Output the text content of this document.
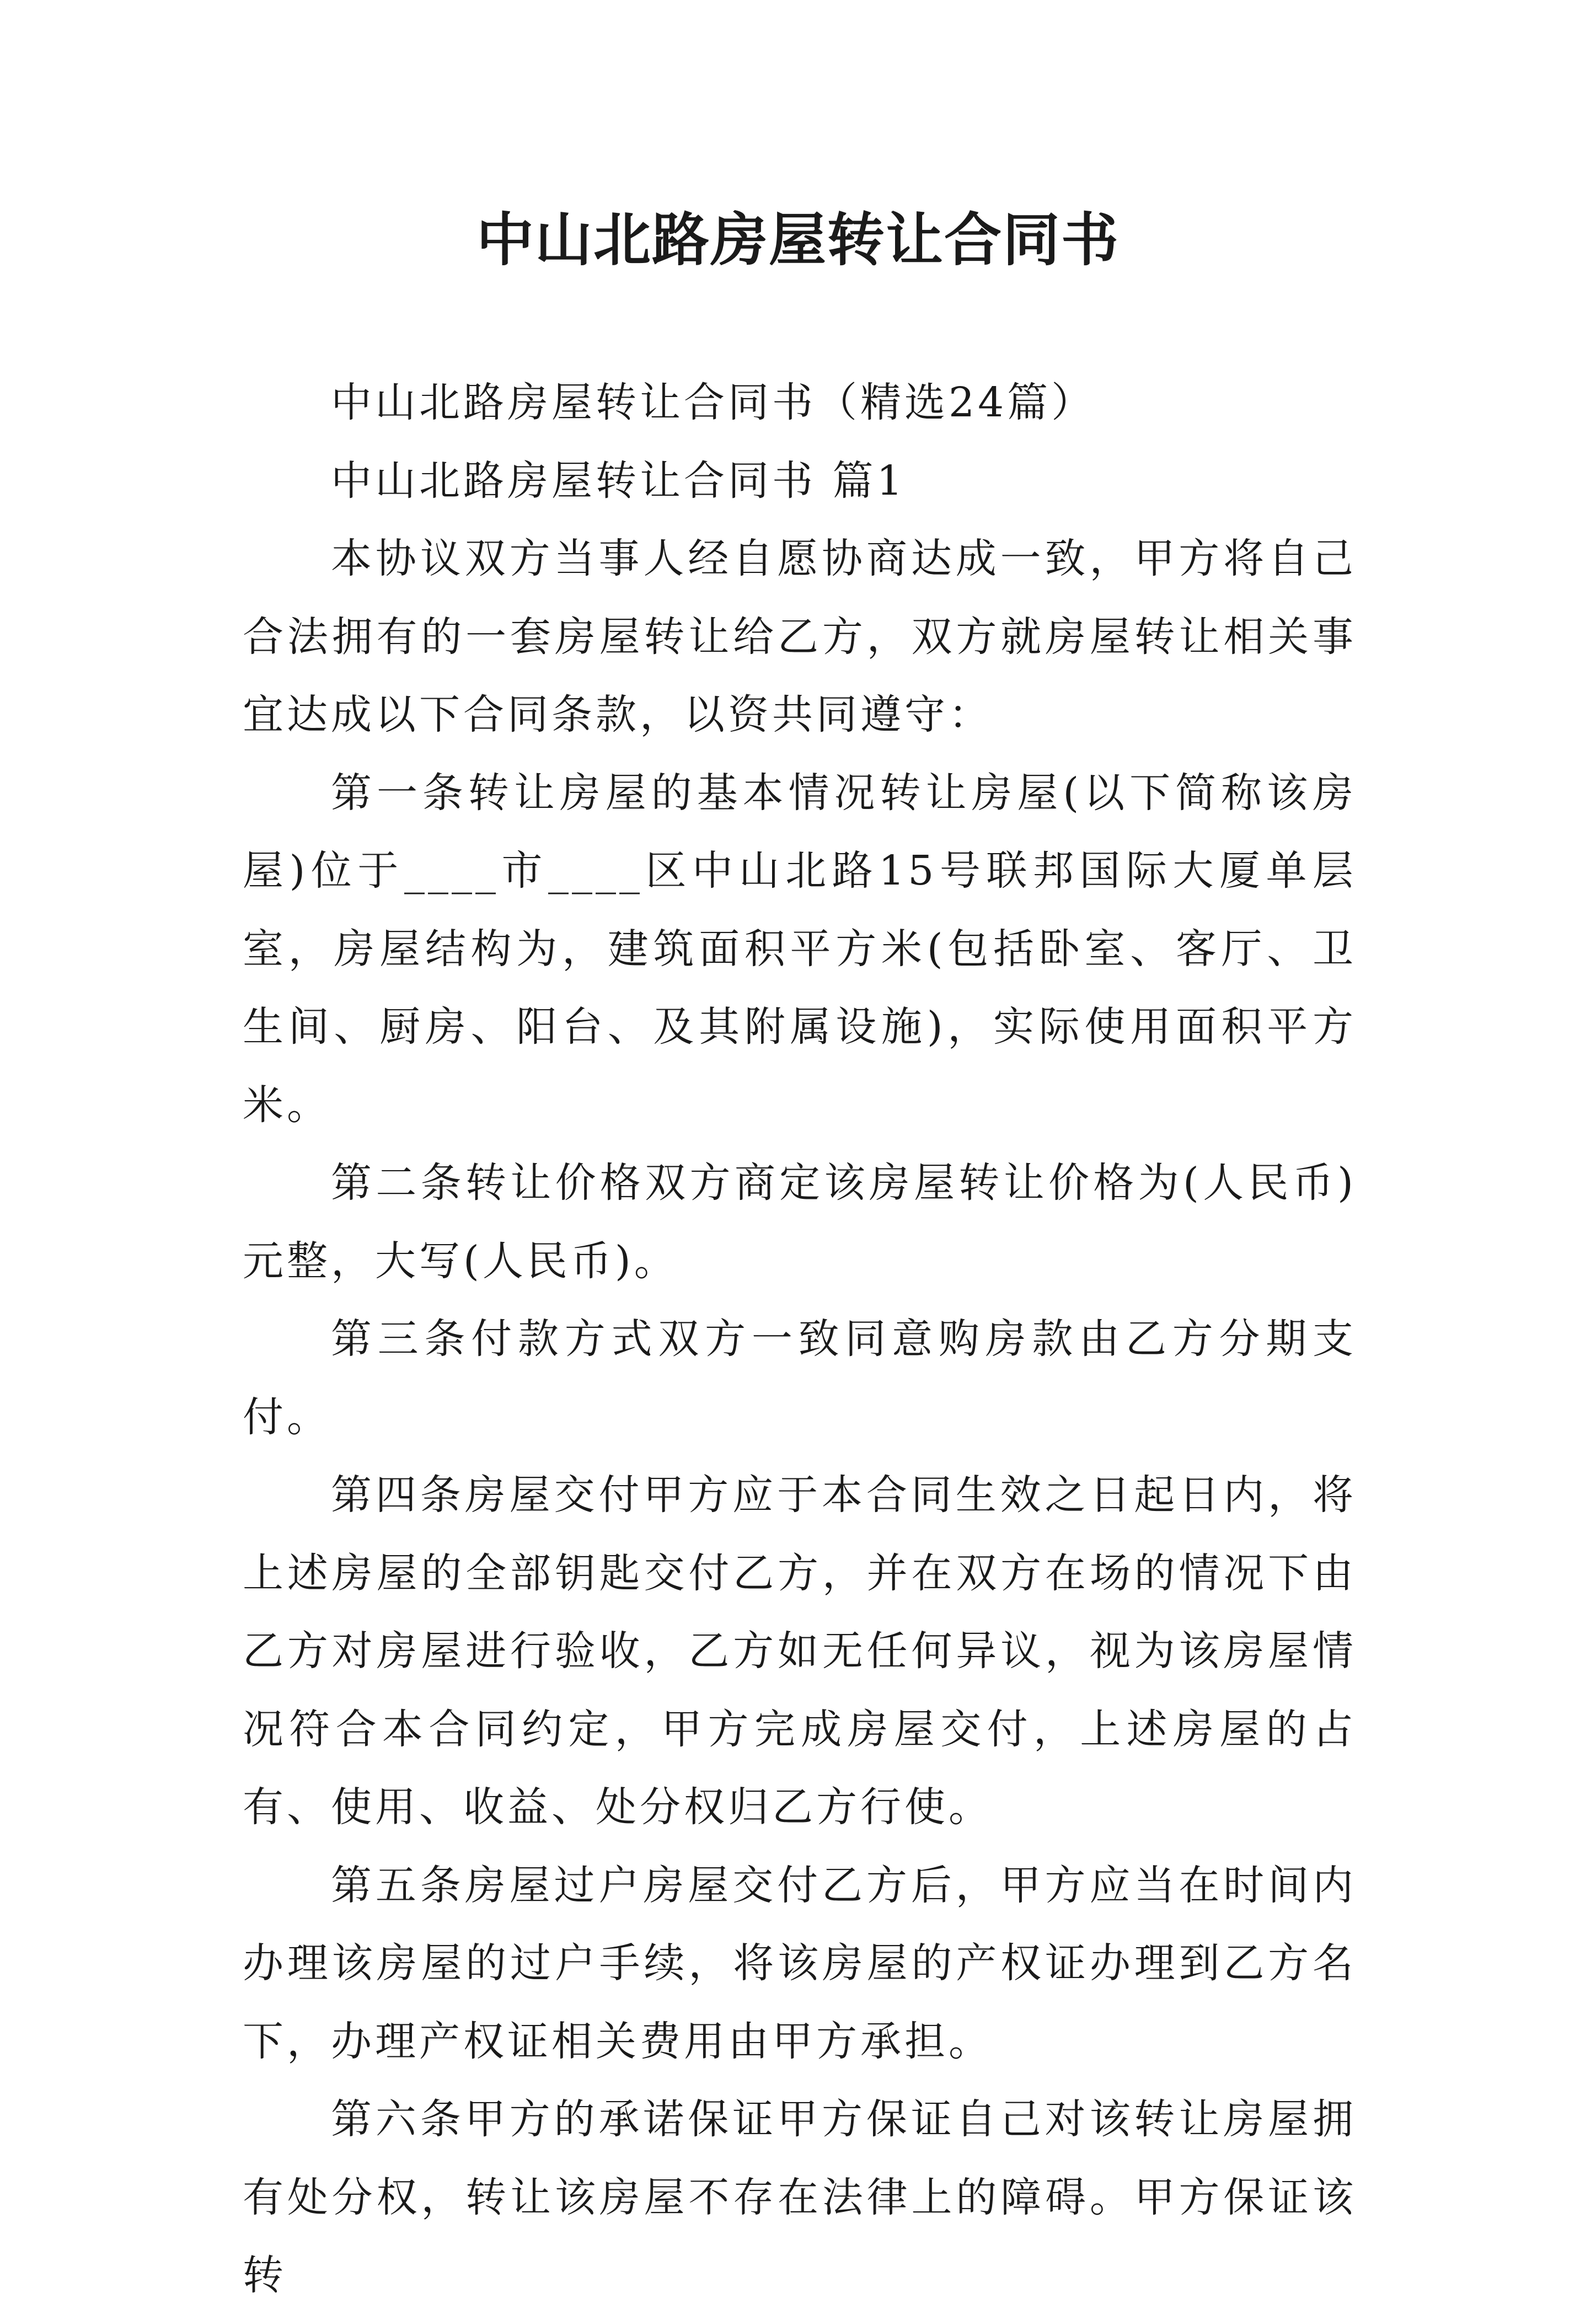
中山北路房屋转让合同书

中山北路房屋转让合同书（精选24篇）

中山北路房屋转让合同书 篇1

本协议双方当事人经自愿协商达成一致，甲方将自己合法拥有的一套房屋转让给乙方，双方就房屋转让相关事宜达成以下合同条款，以资共同遵守：

第一条转让房屋的基本情况转让房屋(以下简称该房屋)位于____市____区中山北路15号联邦国际大厦单层室，房屋结构为，建筑面积平方米(包括卧室、客厅、卫生间、厨房、阳台、及其附属设施)，实际使用面积平方米。

第二条转让价格双方商定该房屋转让价格为(人民币)元整，大写(人民币)。

第三条付款方式双方一致同意购房款由乙方分期支付。

第四条房屋交付甲方应于本合同生效之日起日内，将上述房屋的全部钥匙交付乙方，并在双方在场的情况下由乙方对房屋进行验收，乙方如无任何异议，视为该房屋情况符合本合同约定，甲方完成房屋交付，上述房屋的占有、使用、收益、处分权归乙方行使。

第五条房屋过户房屋交付乙方后，甲方应当在时间内办理该房屋的过户手续，将该房屋的产权证办理到乙方名下，办理产权证相关费用由甲方承担。

第六条甲方的承诺保证甲方保证自己对该转让房屋拥有处分权，转让该房屋不存在法律上的障碍。甲方保证该转
